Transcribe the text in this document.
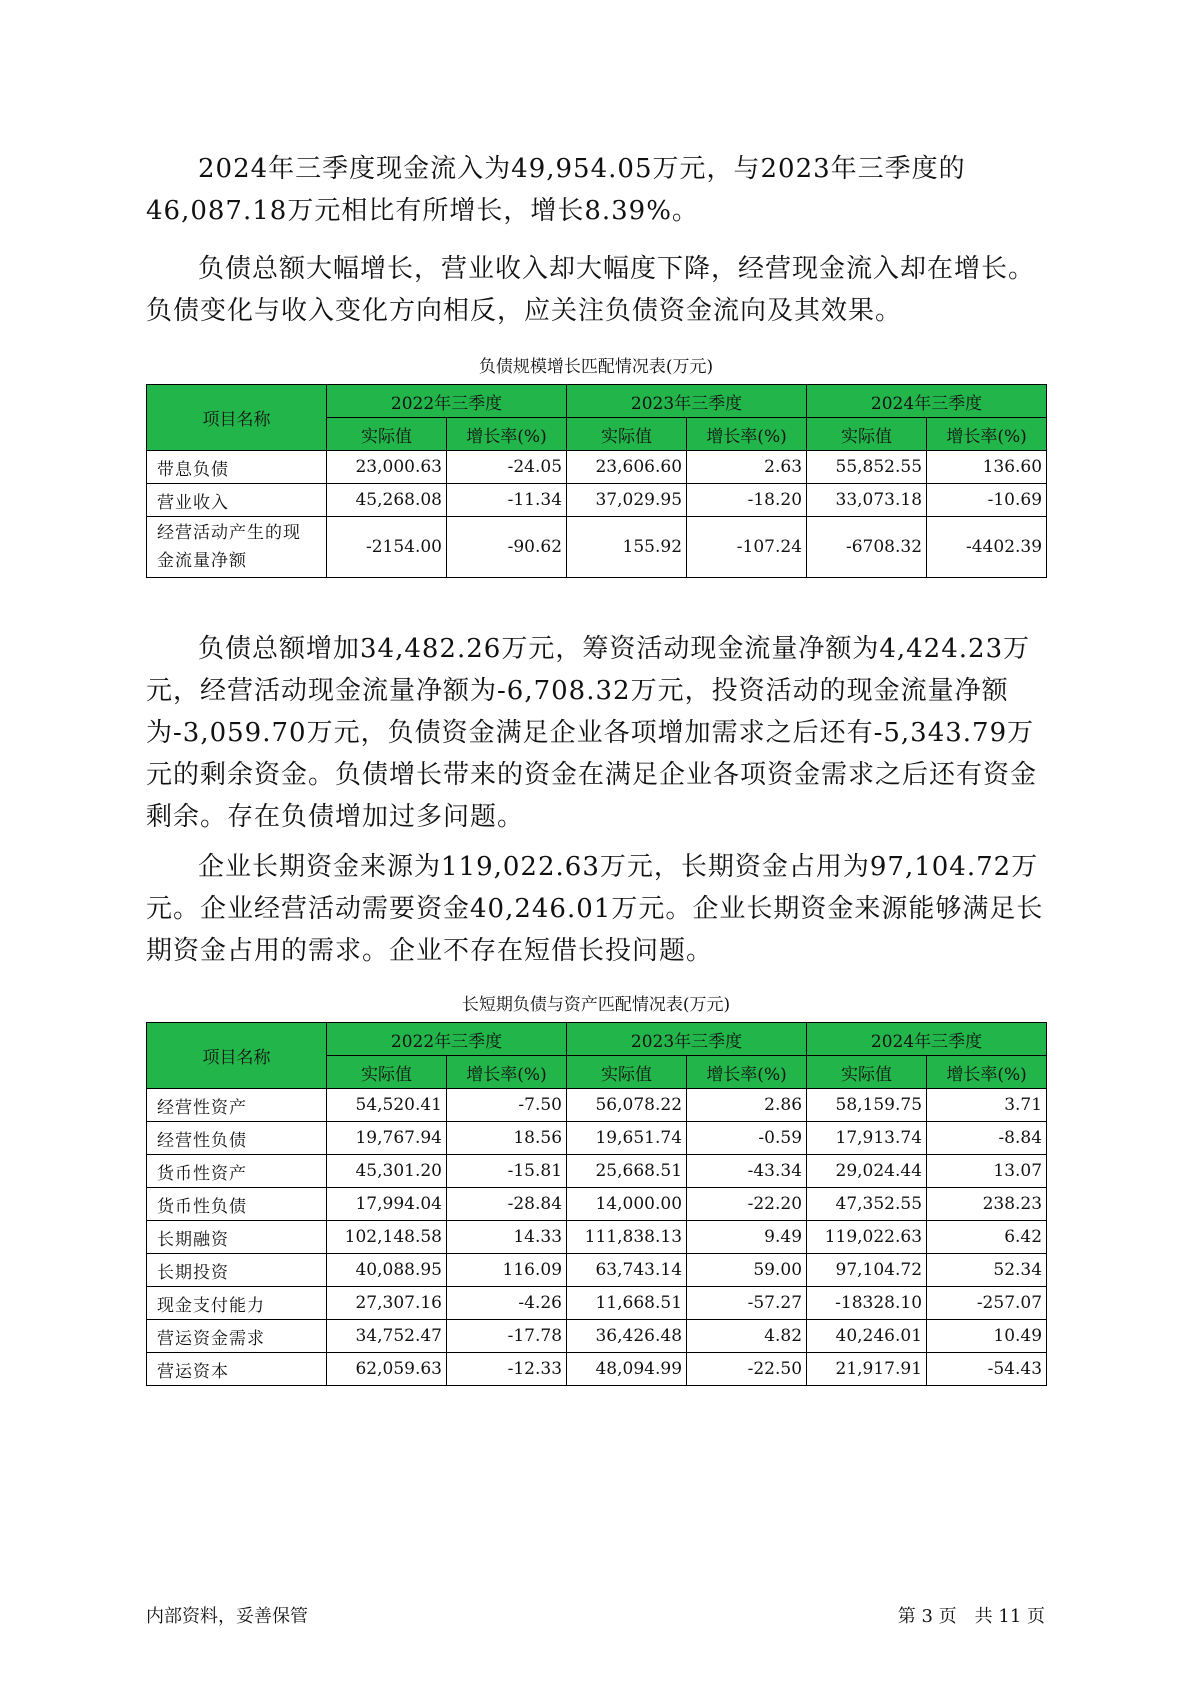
2024年三季度现金流入为49,954.05万元，与2023年三季度的46,087.18万元相比有所增长，增长8.39%。

负债总额大幅增长，营业收入却大幅度下降，经营现金流入却在增长。负债变化与收入变化方向相反，应关注负债资金流向及其效果。

负债规模增长匹配情况表(万元)

项目名称	2022年三季度		2023年三季度		2024年三季度	
	实际值	增长率(%)	实际值	增长率(%)	实际值	增长率(%)
带息负债	23,000.63	-24.05	23,606.60	2.63	55,852.55	136.60
营业收入	45,268.08	-11.34	37,029.95	-18.20	33,073.18	-10.69
经营活动产生的现
金流量净额	-2154.00	-90.62	155.92	-107.24	-6708.32	-4402.39

负债总额增加34,482.26万元，筹资活动现金流量净额为4,424.23万元，经营活动现金流量净额为-6,708.32万元，投资活动的现金流量净额为-3,059.70万元，负债资金满足企业各项增加需求之后还有-5,343.79万元的剩余资金。负债增长带来的资金在满足企业各项资金需求之后还有资金剩余。存在负债增加过多问题。

企业长期资金来源为119,022.63万元，长期资金占用为97,104.72万元。企业经营活动需要资金40,246.01万元。企业长期资金来源能够满足长期资金占用的需求。企业不存在短借长投问题。

长短期负债与资产匹配情况表(万元)

项目名称	2022年三季度		2023年三季度		2024年三季度	
	实际值	增长率(%)	实际值	增长率(%)	实际值	增长率(%)
经营性资产	54,520.41	-7.50	56,078.22	2.86	58,159.75	3.71
经营性负债	19,767.94	18.56	19,651.74	-0.59	17,913.74	-8.84
货币性资产	45,301.20	-15.81	25,668.51	-43.34	29,024.44	13.07
货币性负债	17,994.04	-28.84	14,000.00	-22.20	47,352.55	238.23
长期融资	102,148.58	14.33	111,838.13	9.49	119,022.63	6.42
长期投资	40,088.95	116.09	63,743.14	59.00	97,104.72	52.34
现金支付能力	27,307.16	-4.26	11,668.51	-57.27	-18328.10	-257.07
营运资金需求	34,752.47	-17.78	36,426.48	4.82	40,246.01	10.49
营运资本	62,059.63	-12.33	48,094.99	-22.50	21,917.91	-54.43

内部资料，妥善保管	第 3 页　共 11 页
